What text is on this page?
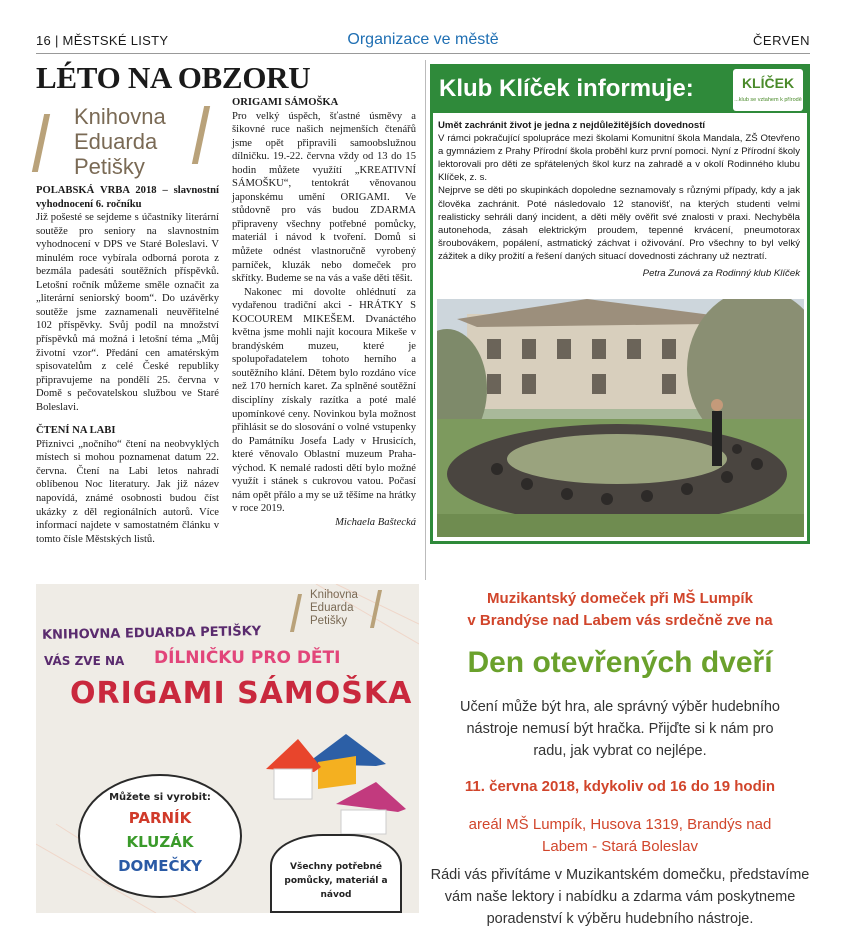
16 | MĚSTSKÉ LISTY	Organizace ve městě	ČERVEN
LÉTO NA OBZORU
Knihovna
Eduarda
Petišky

POLABSKÁ VRBA 2018 – slavnostní vyhodnocení 6. ročníku

Již pošesté se sejdeme s účastníky literární soutěže pro seniory na slavnostním vyhodnocení v DPS ve Staré Boleslavi. V minulém roce vybírala odborná porota z bezmála padesáti soutěžních příspěvků. Letošní ročník můžeme směle označit za „literární seniorský boom“. Do uzávěrky soutěže jsme zaznamenali neuvěřitelné 102 příspěvky. Svůj podíl na množství příspěvků má možná i letošní téma „Můj životní vzor“. Předání cen amatérským spisovatelům z celé České republiky připravujeme na pondělí 25. června v Domě s pečovatelskou službou ve Staré Boleslavi.

ČTENÍ NA LABI

Přiznivci „nočního“ čtení na neobvyklých místech si mohou poznamenat datum 22. června. Čtení na Labi letos nahradí oblíbenou Noc literatury. Jak již název napovídá, známé osobnosti budou číst ukázky z děl regionálních autorů. Více informací najdete v samostatném článku v tomto čísle Městských listů.

ORIGAMI SÁMOŠKA

Pro velký úspěch, šťastné úsměvy a šikovné ruce našich nejmenších čtenářů jsme opět připravili samoobslužnou dílničku. 19.-22. června vždy od 13 do 15 hodin můžete využítí „KREATIVNÍ SÁMOŠKU“, tentokrát věnovanou japonskému umění ORIGAMI. Ve stůdovně pro vás budou ZDARMA připraveny všechny potřebné pomůcky, materiál i návod k tvoření. Domů si můžete odnést vlastnoručně vyrobený parníček, kluzák nebo domeček pro skřítky. Budeme se na vás a vaše děti těšit.

Nakonec mi dovolte ohlédnutí za vydařenou tradiční akci - HRÁTKY S KOCOUREM MIKEŠEM. Dvanáctého května jsme mohli najít kocoura Mikeše v brandýském muzeu, které je spolupořadatelem tohoto herního a soutěžního klání. Dětem bylo rozdáno více než 170 herních karet. Za splněné soutěžní disciplíny získaly razítka a poté malé upomínkové ceny. Novinkou byla možnost přihlásit se do slosování o volné vstupenky do Památníku Josefa Lady v Hrusicích, které věnovalo Oblastní muzeum Praha-východ. K nemalé radosti dětí bylo možné využít i stánek s cukrovou vatou. Počasí nám opět přálo a my se už těšíme na hrátky v roce 2019.

Michaela Baštecká

Klub Klíček informuje:	KLÍČEK
...klub se vztahem k přírodě

Umět zachránit život je jedna z nejdůležitějších dovedností

V rámci pokračující spolupráce mezi školami Komunitní škola Mandala, ZŠ Otevřeno a gymnáziem z Prahy Přírodní škola proběhl kurz první pomoci. Nyní z Přírodní školy lektorovali pro děti ze spřátelených škol kurz na zahradě a v okolí Rodinného klubu Klíček, z. s.

Nejprve se děti po skupinkách dopoledne seznamovaly s různými případy, kdy a jak člověka zachránit. Poté následovalo 12 stanovišť, na kterých studenti velmi realisticky sehráli daný incident, a děti měly ověřit své znalosti v praxi. Nechyběla autonehoda, zásah elektrickým proudem, tepenné krvácení, pneumotorax šroubovákem, popálení, astmatický záchvat i oživování. Pro všechny to byl velký zážitek a díky prožití a řešení daných situací dovednosti záchrany už neztratí.

Petra Zunová za Rodinný klub Klíček

Knihovna
Eduarda
Petišky
KNIHOVNA EDUARDA PETIŠKY
VÁS ZVE NA DÍLNIČKU PRO DĚTI
ORIGAMI SÁMOŠKA
Můžete si vyrobit:
PARNÍK
KLUZÁK
DOMEČKY	Všechny potřebné pomůcky, materiál a návod
Muzikantský domeček při MŠ Lumpík
v Brandýse nad Labem vás srdečně zve na
Den otevřených dveří
Učení může být hra, ale správný výběr hudebního nástroje nemusí být hračka. Přijďte si k nám pro radu, jak vybrat co nejlépe.
11. června 2018, kdykoliv od 16 do 19 hodin
areál MŠ Lumpík, Husova 1319, Brandýs nad Labem - Stará Boleslav
Rádi vás přivítáme v Muzikantském domečku, představíme vám naše lektory i nabídku a zdarma vám poskytneme poradenství k výběru hudebního nástroje.
